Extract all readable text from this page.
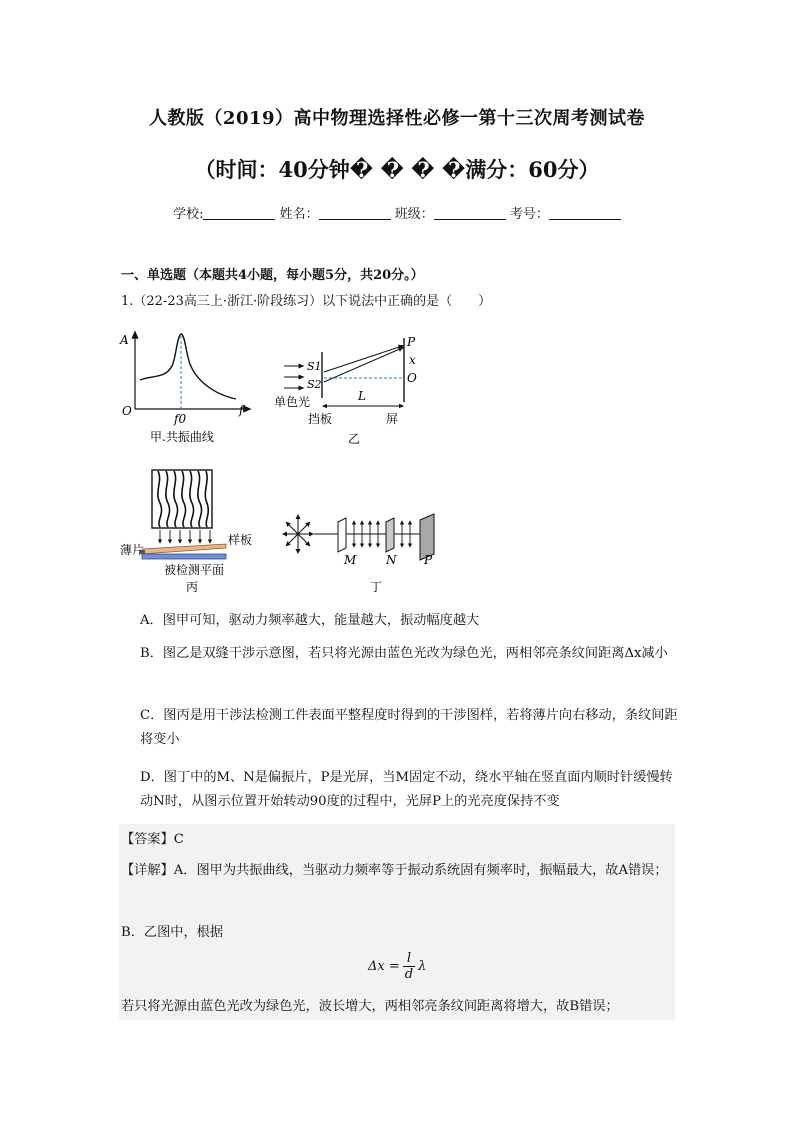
人教版（2019）高中物理选择性必修一第十三次周考测试卷
（时间：40分钟� � � �满分：60分）
学校:	姓名：	班级：	考号：
一、单选题（本题共4小题，每小题5分，共20分。）
1.（22-23高三上·浙江·阶段练习）以下说法中正确的是（　　）
A
f
O
f0
甲.共振曲线
P
x
O
S1
S2
L
单色光
挡板	屏
乙
薄片
样板
被检测平面
丙
M N P
丁
A．图甲可知，驱动力频率越大，能量越大，振动幅度越大
B．图乙是双缝干涉示意图，若只将光源由蓝色光改为绿色光，两相邻亮条纹间距离Δx减小
C．图丙是用干涉法检测工件表面平整程度时得到的干涉图样，若将薄片向右移动，条纹间距将变小
D．图丁中的M、N是偏振片，P是光屏，当M固定不动，绕水平轴在竖直面内顺时针缓慢转动N时，从图示位置开始转动90度的过程中，光屏P上的光亮度保持不变
【答案】C
【详解】A．图甲为共振曲线，当驱动力频率等于振动系统固有频率时，振幅最大，故A错误；
B．乙图中，根据
$\Delta x = \frac{l}{d}$ λ
若只将光源由蓝色光改为绿色光，波长增大，两相邻亮条纹间距离将增大，故B错误；
